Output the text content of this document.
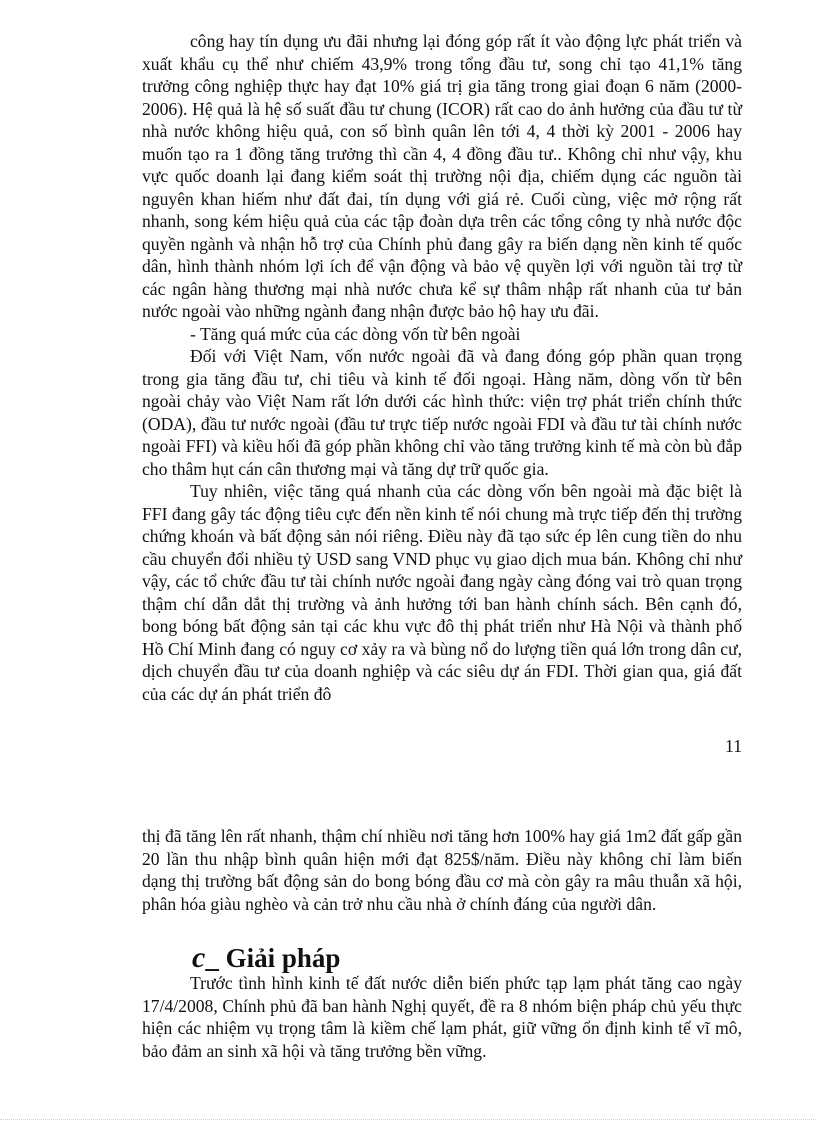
công hay tín dụng ưu đãi nhưng lại đóng góp rất ít vào động lực phát triển và xuất khẩu cụ thể như chiếm 43,9% trong tổng đầu tư, song chỉ tạo 41,1% tăng trưởng công nghiệp thực hay đạt 10% giá trị gia tăng trong giai đoạn 6 năm (2000-2006). Hệ quả là hệ số suất đầu tư chung (ICOR) rất cao do ảnh hưởng của đầu tư từ nhà nước không hiệu quả, con số bình quân lên tới 4, 4 thời kỳ 2001 - 2006 hay muốn tạo ra 1 đồng tăng trưởng thì cần 4, 4 đồng đầu tư.. Không chỉ như vậy, khu vực quốc doanh lại đang kiểm soát thị trường nội địa, chiếm dụng các nguồn tài nguyên khan hiếm như đất đai, tín dụng với giá rẻ. Cuối cùng, việc mở rộng rất nhanh, song kém hiệu quả của các tập đoàn dựa trên các tổng công ty nhà nước độc quyền ngành và nhận hỗ trợ của Chính phủ đang gây ra biến dạng nền kinh tế quốc dân, hình thành nhóm lợi ích để vận động và bảo vệ quyền lợi với nguồn tài trợ từ các ngân hàng thương mại nhà nước chưa kể sự thâm nhập rất nhanh của tư bản nước ngoài vào những ngành đang nhận được bảo hộ hay ưu đãi.

- Tăng quá mức của các dòng vốn từ bên ngoài

Đối với Việt Nam, vốn nước ngoài đã và đang đóng góp phần quan trọng trong gia tăng đầu tư, chi tiêu và kinh tế đối ngoại. Hàng năm, dòng vốn từ bên ngoài chảy vào Việt Nam rất lớn dưới các hình thức: viện trợ phát triển chính thức (ODA), đầu tư nước ngoài (đầu tư trực tiếp nước ngoài FDI và đầu tư tài chính nước ngoài FFI) và kiều hối đã góp phần không chỉ vào tăng trưởng kinh tế mà còn bù đắp cho thâm hụt cán cân thương mại và tăng dự trữ quốc gia.

Tuy nhiên, việc tăng quá nhanh của các dòng vốn bên ngoài mà đặc biệt là FFI đang gây tác động tiêu cực đến nền kinh tế nói chung mà trực tiếp đến thị trường chứng khoán và bất động sản nói riêng. Điều này đã tạo sức ép lên cung tiền do nhu cầu chuyển đổi nhiều tỷ USD sang VND phục vụ giao dịch mua bán. Không chỉ như vậy, các tổ chức đầu tư tài chính nước ngoài đang ngày càng đóng vai trò quan trọng thậm chí dẫn dắt thị trường và ảnh hưởng tới ban hành chính sách. Bên cạnh đó, bong bóng bất động sản tại các khu vực đô thị phát triển như Hà Nội và thành phố Hồ Chí Minh đang có nguy cơ xảy ra và bùng nổ do lượng tiền quá lớn trong dân cư, dịch chuyển đầu tư của doanh nghiệp và các siêu dự án FDI. Thời gian qua, giá đất của các dự án phát triển đô

11

thị đã tăng lên rất nhanh, thậm chí nhiều nơi tăng hơn 100% hay giá 1m2 đất gấp gần 20 lần thu nhập bình quân hiện mới đạt 825$/năm. Điều này không chỉ làm biến dạng thị trường bất động sản do bong bóng đầu cơ mà còn gây ra mâu thuẫn xã hội, phân hóa giàu nghèo và cản trở nhu cầu nhà ở chính đáng của người dân.

c_ Giải pháp

Trước tình hình kinh tế đất nước diễn biến phức tạp lạm phát tăng cao ngày 17/4/2008, Chính phủ đã ban hành Nghị quyết, đề ra 8 nhóm biện pháp chủ yếu thực hiện các nhiệm vụ trọng tâm là kiềm chế lạm phát, giữ vững ổn định kinh tế vĩ mô, bảo đảm an sinh xã hội và tăng trưởng bền vững.
